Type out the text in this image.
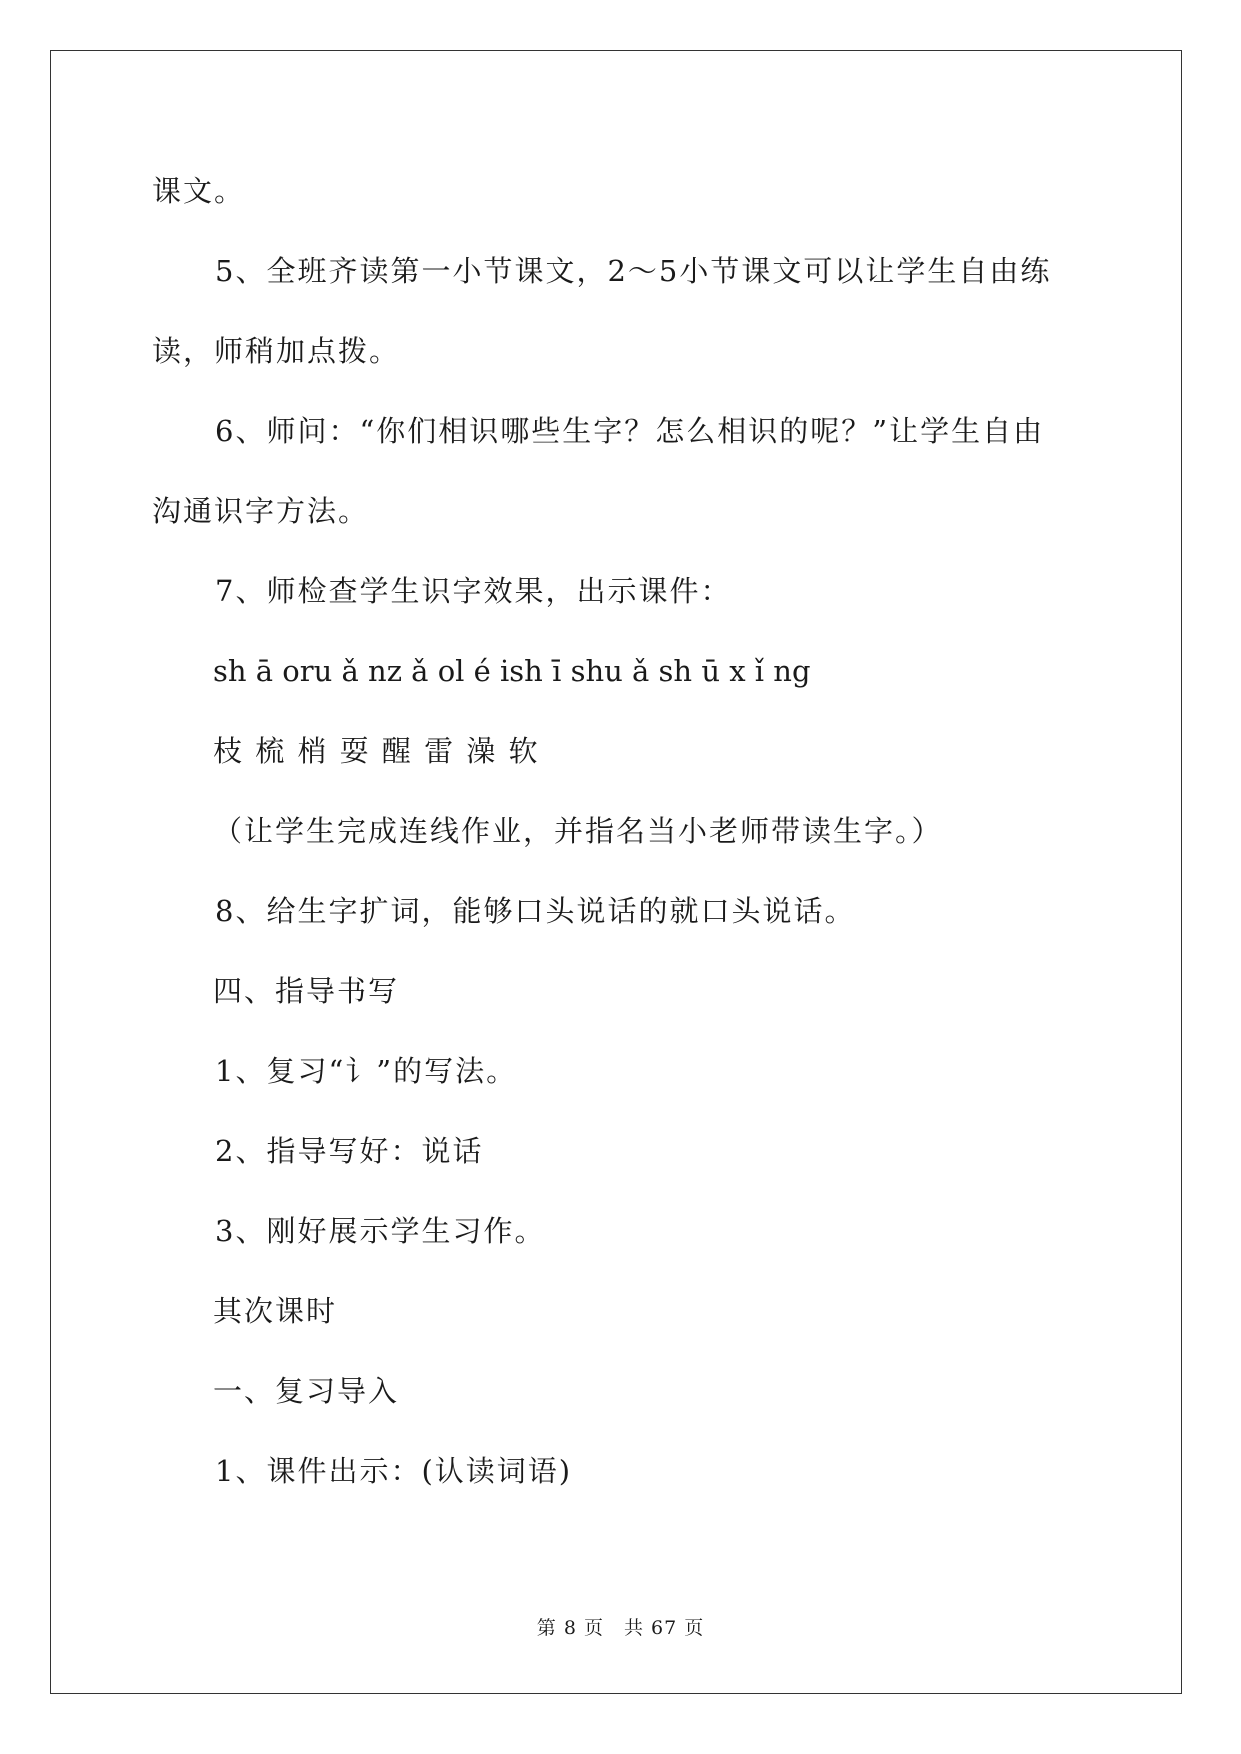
课文。
5、全班齐读第一小节课文，2～5小节课文可以让学生自由练
读，师稍加点拨。
6、师问：“你们相识哪些生字？怎么相识的呢？”让学生自由
沟通识字方法。
7、师检查学生识字效果，出示课件：
sh ā oru ǎ nz ǎ ol é ish ī shu ǎ sh ū x ǐ ng
枝 梳 梢 耍 醒 雷 澡 软
（让学生完成连线作业，并指名当小老师带读生字。）
8、给生字扩词，能够口头说话的就口头说话。
四、指导书写
1、复习“讠”的写法。
2、指导写好：说话
3、刚好展示学生习作。
其次课时
一、复习导入
1、课件出示：(认读词语)
第 8 页　共 67 页
